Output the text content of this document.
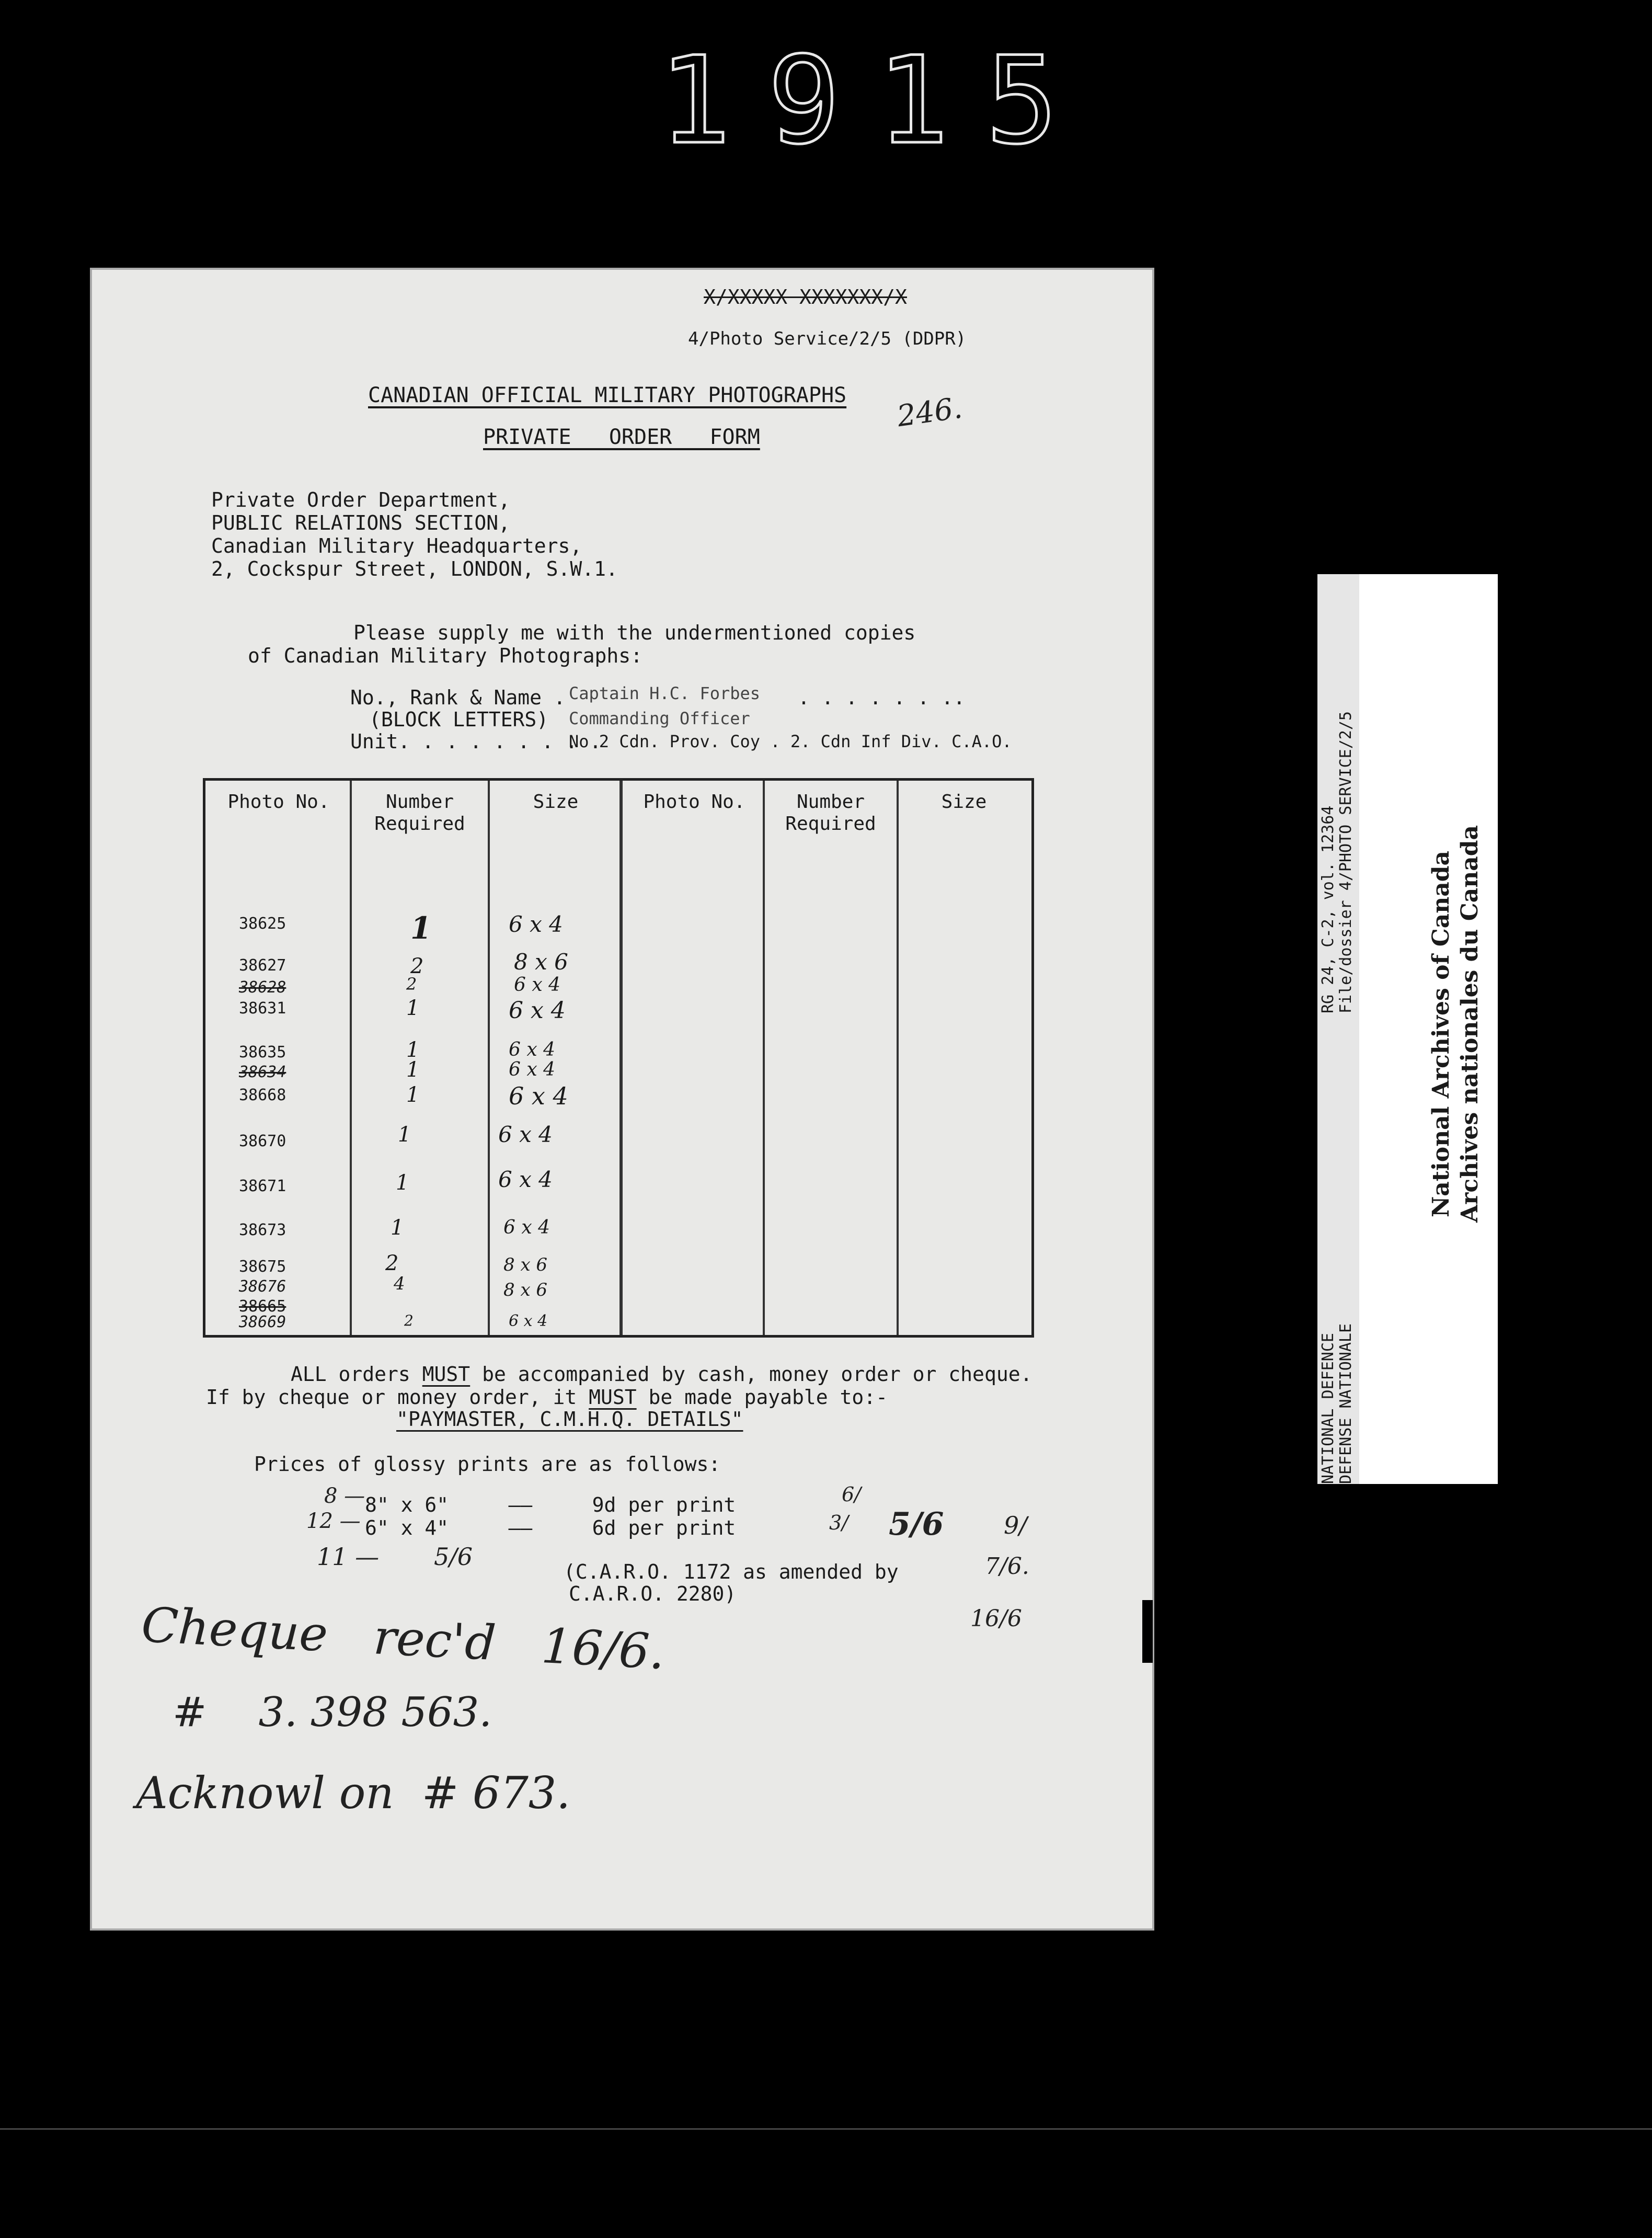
1915
X/XXXXX XXXXXXX/X
4/Photo Service/2/5 (DDPR)
CANADIAN OFFICIAL MILITARY PHOTOGRAPHS
PRIVATE   ORDER   FORM
246.
Private Order Department,
PUBLIC RELATIONS SECTION,
Canadian Military Headquarters,
2, Cockspur Street, LONDON, S.W.1.
Please supply me with the undermentioned copies
of Canadian Military Photographs:
No., Rank & Name .
Captain H.C. Forbes . . . . . . ..
(BLOCK LETTERS) Commanding Officer
Unit. . . . . . . . .
No 2 Cdn. Prov. Coy . 2. Cdn Inf Div. C.A.O.
Photo No.	Number
Required
Size	Photo No.	Number
Required
Size
38625	1	6 x 4
38627	2	8 x 6
38628	2	6 x 4
38631	1	6 x 4
38635	1	6 x 4
38634	1	6 x 4
38668	1	6 x 4
38670	1	6 x 4
38671	1	6 x 4
38673	1	6 x 4
38675	2	8 x 6
38676	4	8 x 6
38665
38669	2	6 x 4
ALL orders MUST be accompanied by cash, money order or cheque.
If by cheque or money order, it MUST be made payable to:-
"PAYMASTER, C.M.H.Q. DETAILS"
Prices of glossy prints are as follows:
8" x 6"     ——     9d per print
6" x 4"     ——     6d per print
(C.A.R.O. 1172 as amended by
C.A.R.O. 2280)
8 —
12 —
11 — 5/6
6/
3/ 5/6 9/
7/6.
16/6
Cheque   rec'd   16/6.
#    3. 398 563.
Acknowl on  # 673.
RG 24, C-2, vol. 12364 File/dossier 4/PHOTO SERVICE/2/5
NATIONAL DEFENCE DEFENSE NATIONALE
National Archives of Canada Archives nationales du Canada
